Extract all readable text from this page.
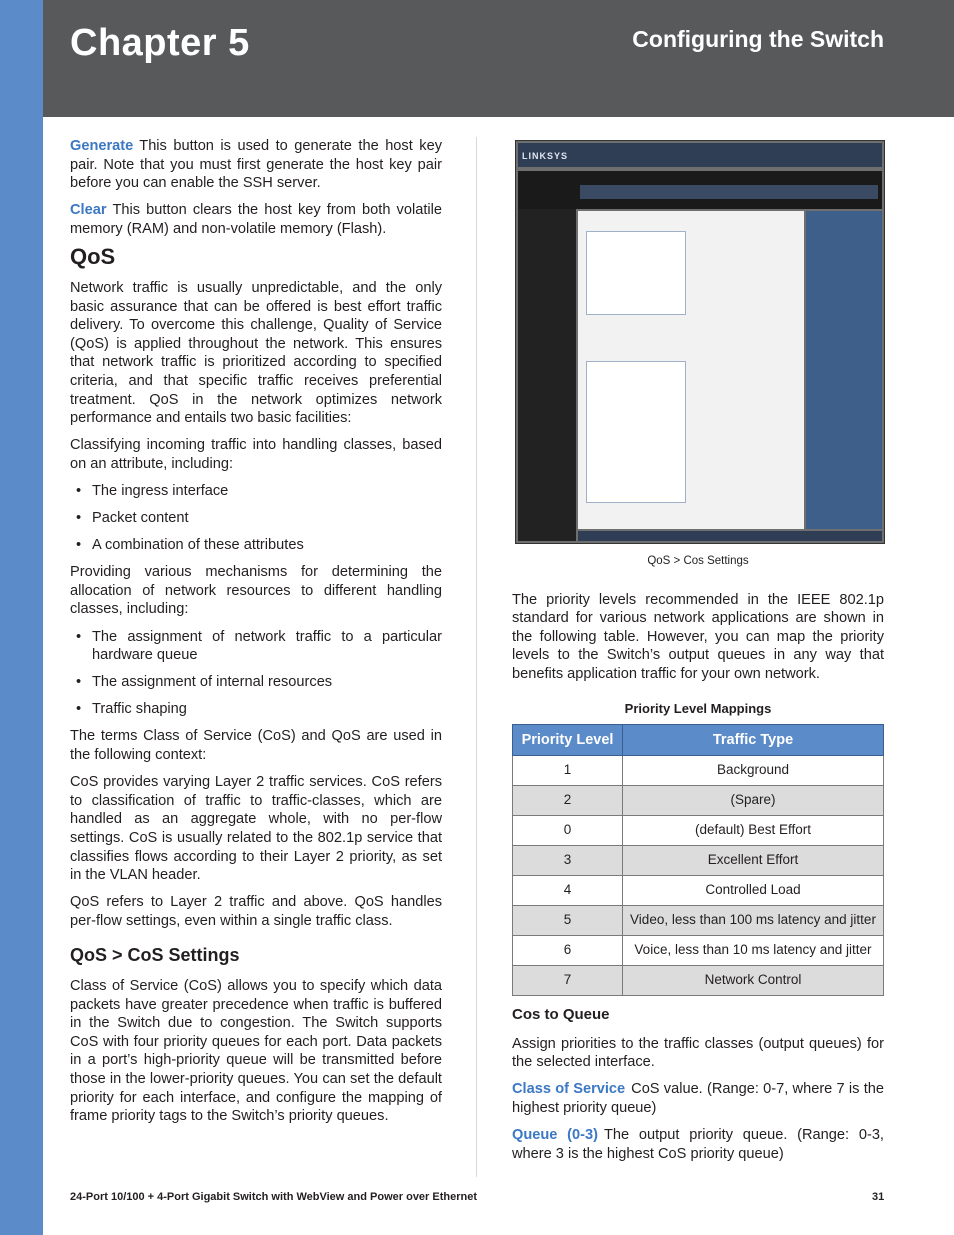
Chapter 5	Configuring the Switch

Generate This button is used to generate the host key pair. Note that you must first generate the host key pair before you can enable the SSH server.

Clear This button clears the host key from both volatile memory (RAM) and non-volatile memory (Flash).

QoS

Network traffic is usually unpredictable, and the only basic assurance that can be offered is best effort traffic delivery. To overcome this challenge, Quality of Service (QoS) is applied throughout the network. This ensures that network traffic is prioritized according to specified criteria, and that specific traffic receives preferential treatment. QoS in the network optimizes network performance and entails two basic facilities:

Classifying incoming traffic into handling classes, based on an attribute, including:

• The ingress interface
• Packet content
• A combination of these attributes

Providing various mechanisms for determining the allocation of network resources to different handling classes, including:

• The assignment of network traffic to a particular hardware queue
• The assignment of internal resources
• Traffic shaping

The terms Class of Service (CoS) and QoS are used in the following context:

CoS provides varying Layer 2 traffic services. CoS refers to classification of traffic to traffic-classes, which are handled as an aggregate whole, with no per-flow settings. CoS is usually related to the 802.1p service that classifies flows according to their Layer 2 priority, as set in the VLAN header.

QoS refers to Layer 2 traffic and above. QoS handles per-flow settings, even within a single traffic class.

QoS > CoS Settings

Class of Service (CoS) allows you to specify which data packets have greater precedence when traffic is buffered in the Switch due to congestion. The Switch supports CoS with four priority queues for each port. Data packets in a port’s high-priority queue will be transmitted before those in the lower-priority queues. You can set the default priority for each interface, and configure the mapping of frame priority tags to the Switch’s priority queues.

LINKSYS
QoS > Cos Settings

The priority levels recommended in the IEEE 802.1p standard for various network applications are shown in the following table. However, you can map the priority levels to the Switch’s output queues in any way that benefits application traffic for your own network.

Priority Level Mappings
Priority Level	Traffic Type
1	Background
2	(Spare)
0	(default) Best Effort
3	Excellent Effort
4	Controlled Load
5	Video, less than 100 ms latency and jitter
6	Voice, less than 10 ms latency and jitter
7	Network Control
Cos to Queue

Assign priorities to the traffic classes (output queues) for the selected interface.

Class of Service CoS value. (Range: 0-7, where 7 is the highest priority queue)

Queue (0-3) The output priority queue. (Range: 0-3, where 3 is the highest CoS priority queue)

24-Port 10/100 + 4-Port Gigabit Switch with WebView and Power over Ethernet	31
